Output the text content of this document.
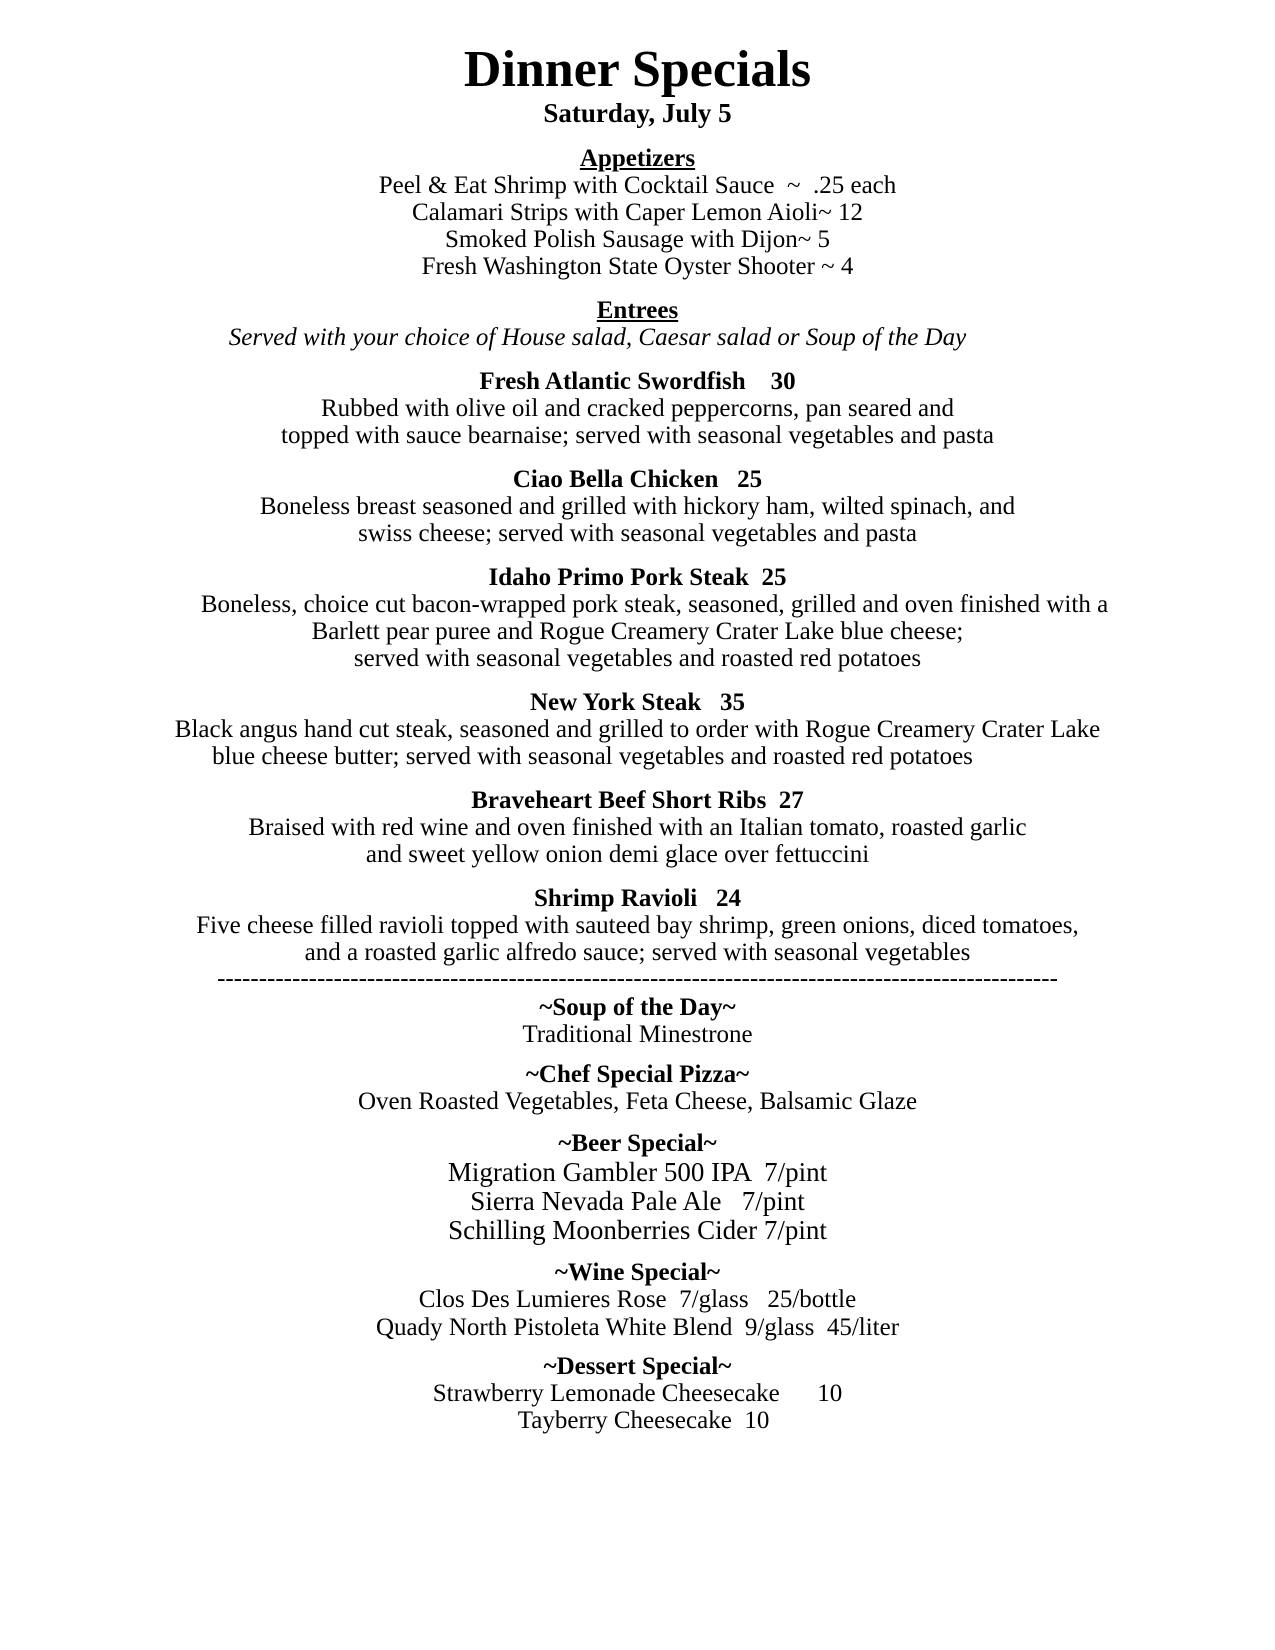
Dinner Specials
Saturday, July 5
Appetizers
Peel & Eat Shrimp with Cocktail Sauce  ~  .25 each
Calamari Strips with Caper Lemon Aioli~ 12
Smoked Polish Sausage with Dijon~ 5
Fresh Washington State Oyster Shooter ~ 4
Entrees
Served with your choice of House salad, Caesar salad or Soup of the Day
Fresh Atlantic Swordfish    30
Rubbed with olive oil and cracked peppercorns, pan seared and
topped with sauce bearnaise; served with seasonal vegetables and pasta
Ciao Bella Chicken   25
Boneless breast seasoned and grilled with hickory ham, wilted spinach, and
swiss cheese; served with seasonal vegetables and pasta
Idaho Primo Pork Steak  25
Boneless, choice cut bacon-wrapped pork steak, seasoned, grilled and oven finished with a
Barlett pear puree and Rogue Creamery Crater Lake blue cheese;
served with seasonal vegetables and roasted red potatoes
New York Steak   35
Black angus hand cut steak, seasoned and grilled to order with Rogue Creamery Crater Lake
blue cheese butter; served with seasonal vegetables and roasted red potatoes
Braveheart Beef Short Ribs  27
Braised with red wine and oven finished with an Italian tomato, roasted garlic
and sweet yellow onion demi glace over fettuccini
Shrimp Ravioli   24
Five cheese filled ravioli topped with sauteed bay shrimp, green onions, diced tomatoes,
and a roasted garlic alfredo sauce; served with seasonal vegetables
-----------------------------------------------------------------------------------------------------
~Soup of the Day~
Traditional Minestrone
~Chef Special Pizza~
Oven Roasted Vegetables, Feta Cheese, Balsamic Glaze
~Beer Special~
Migration Gambler 500 IPA  7/pint
Sierra Nevada Pale Ale   7/pint
Schilling Moonberries Cider 7/pint
~Wine Special~
Clos Des Lumieres Rose  7/glass   25/bottle
Quady North Pistoleta White Blend  9/glass  45/liter
~Dessert Special~
Strawberry Lemonade Cheesecake      10
Tayberry Cheesecake  10
